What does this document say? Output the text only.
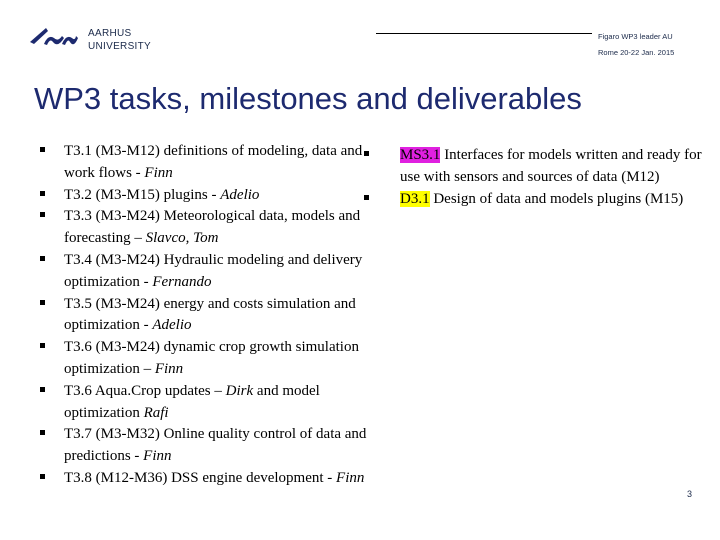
AARHUS
UNIVERSITY
Figaro WP3 leader AU
Rome 20-22 Jan. 2015
WP3 tasks, milestones and deliverables
T3.1 (M3-M12) definitions of modeling, data and work flows - Finn
T3.2 (M3-M15) plugins - Adelio
T3.3 (M3-M24) Meteorological data, models and forecasting – Slavco, Tom
T3.4 (M3-M24) Hydraulic modeling and delivery optimization - Fernando
T3.5 (M3-M24) energy and costs simulation and optimization - Adelio
T3.6 (M3-M24) dynamic crop growth simulation optimization – Finn
T3.6 Aqua.Crop updates – Dirk and model optimization Rafi
T3.7 (M3-M32) Online quality control of data and predictions - Finn
T3.8 (M12-M36) DSS engine development - Finn
MS3.1 Interfaces for models written and ready for use with sensors and sources of data (M12)
D3.1 Design of data and models plugins (M15)
3
